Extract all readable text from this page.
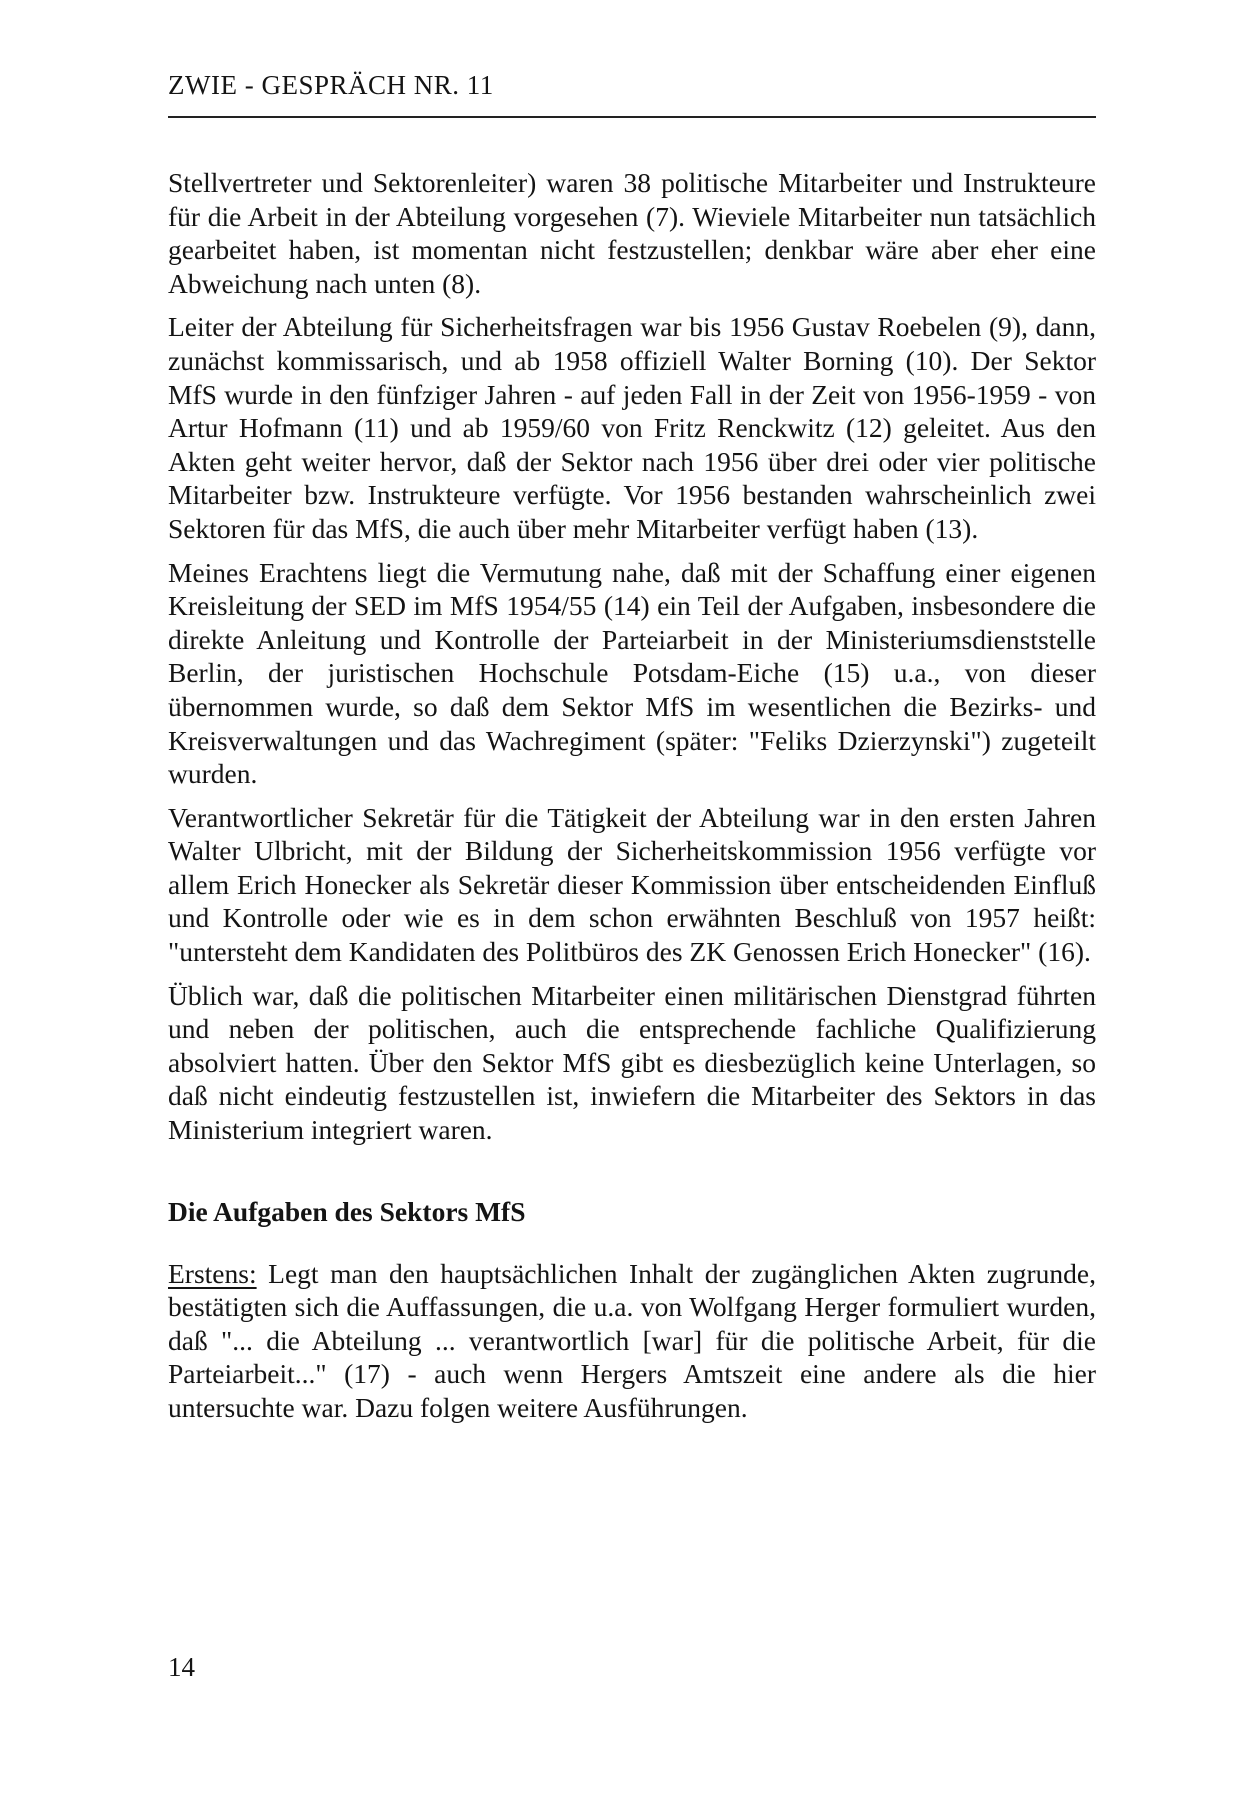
ZWIE - GESPRÄCH NR. 11

Stellvertreter und Sektorenleiter) waren 38 politische Mitarbeiter und Instrukteure für die Arbeit in der Abteilung vorgesehen (7). Wieviele Mitarbeiter nun tatsächlich gearbeitet haben, ist momentan nicht festzustellen; denkbar wäre aber eher eine Abweichung nach unten (8).

Leiter der Abteilung für Sicherheitsfragen war bis 1956 Gustav Roebelen (9), dann, zunächst kommissarisch, und ab 1958 offiziell Walter Borning (10). Der Sektor MfS wurde in den fünfziger Jahren - auf jeden Fall in der Zeit von 1956-1959 - von Artur Hofmann (11) und ab 1959/60 von Fritz Renckwitz (12) geleitet. Aus den Akten geht weiter hervor, daß der Sektor nach 1956 über drei oder vier politische Mitarbeiter bzw. Instrukteure verfügte. Vor 1956 bestanden wahrscheinlich zwei Sektoren für das MfS, die auch über mehr Mitarbeiter verfügt haben (13).

Meines Erachtens liegt die Vermutung nahe, daß mit der Schaffung einer eigenen Kreisleitung der SED im MfS 1954/55 (14) ein Teil der Aufgaben, insbesondere die direkte Anleitung und Kontrolle der Parteiarbeit in der Ministeriumsdienststelle Berlin, der juristischen Hochschule Potsdam-Eiche (15) u.a., von dieser übernommen wurde, so daß dem Sektor MfS im wesentlichen die Bezirks- und Kreisverwaltungen und das Wachregiment (später: "Feliks Dzierzynski") zugeteilt wurden.

Verantwortlicher Sekretär für die Tätigkeit der Abteilung war in den ersten Jahren Walter Ulbricht, mit der Bildung der Sicherheitskommission 1956 verfügte vor allem Erich Honecker als Sekretär dieser Kommission über entscheidenden Einfluß und Kontrolle oder wie es in dem schon erwähnten Beschluß von 1957 heißt: "untersteht dem Kandidaten des Politbüros des ZK Genossen Erich Honecker" (16).

Üblich war, daß die politischen Mitarbeiter einen militärischen Dienstgrad führten und neben der politischen, auch die entsprechende fachliche Qualifizierung absolviert hatten. Über den Sektor MfS gibt es diesbezüglich keine Unterlagen, so daß nicht eindeutig festzustellen ist, inwiefern die Mitarbeiter des Sektors in das Ministerium integriert waren.

Die Aufgaben des Sektors MfS

Erstens: Legt man den hauptsächlichen Inhalt der zugänglichen Akten zugrunde, bestätigten sich die Auffassungen, die u.a. von Wolfgang Herger formuliert wurden, daß "... die Abteilung ... verantwortlich [war] für die politische Arbeit, für die Parteiarbeit..." (17) - auch wenn Hergers Amtszeit eine andere als die hier untersuchte war. Dazu folgen weitere Ausführungen.

14
